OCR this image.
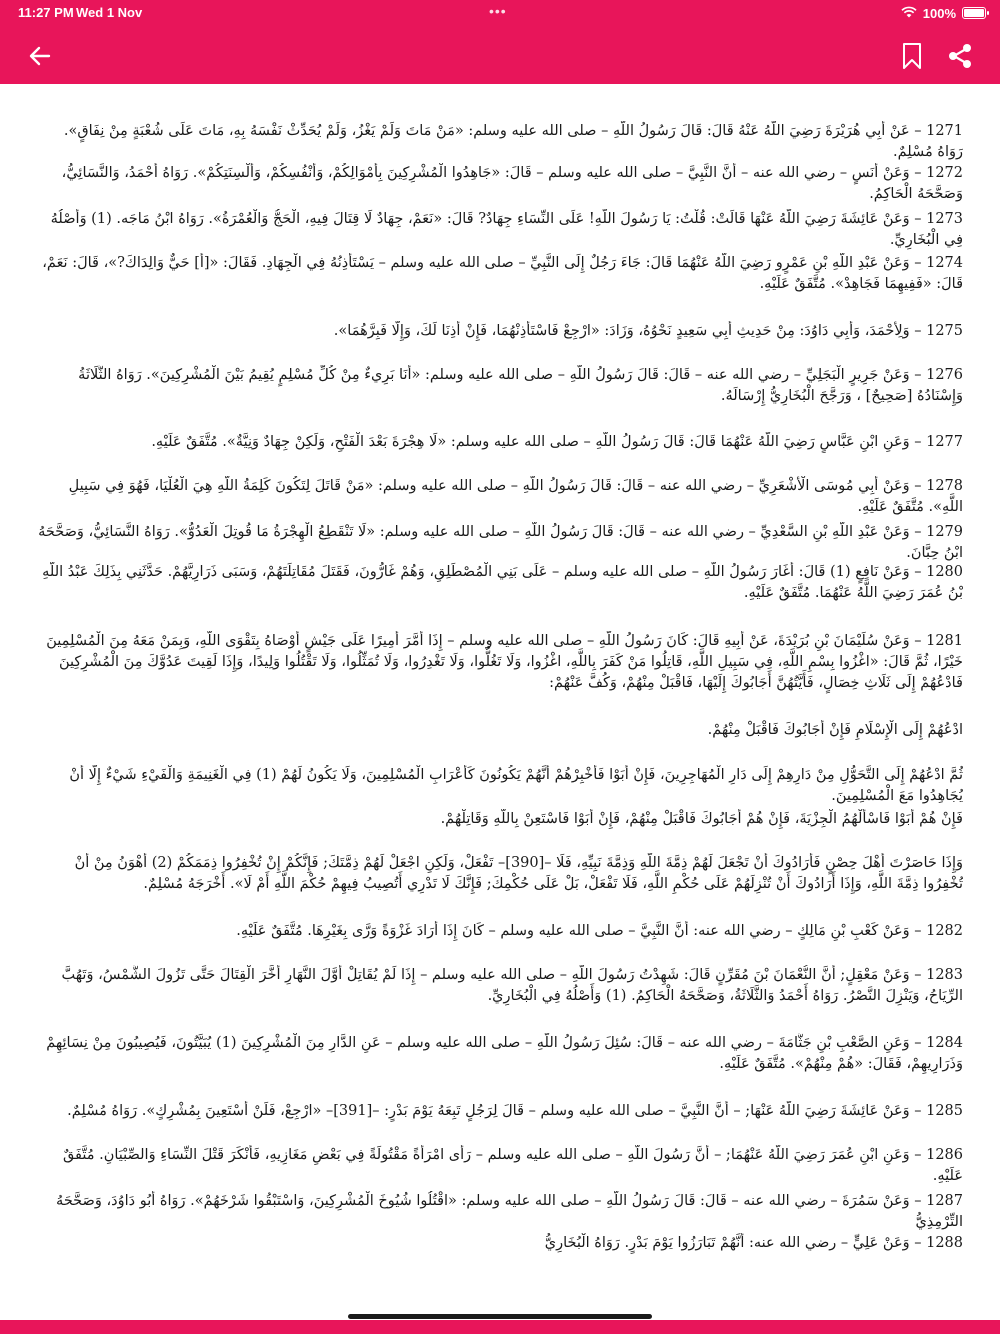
11:27 PM Wed 1 Nov	•••	100%

1271 – عَنْ أَبِي هُرَيْرَةَ رَضِيَ اللَّهُ عَنْهُ قَالَ: قَالَ رَسُولُ اللَّهِ – صلى الله عليه وسلم: «مَنْ مَاتَ وَلَمْ يَغْزُ، وَلَمْ يُحَدِّثْ نَفْسَهُ بِهِ، مَاتَ عَلَى شُعْبَةٍ مِنْ نِفَاقٍ». رَوَاهُ مُسْلِمٌ.

1272 – وَعَنْ أَنَسٍ – رضي الله عنه – أَنَّ النَّبِيَّ – صلى الله عليه وسلم – قَالَ: «جَاهِدُوا الْمُشْرِكِينَ بِأَمْوَالِكُمْ، وَأَنْفُسِكُمْ، وَأَلْسِنَتِكُمْ». رَوَاهُ أَحْمَدُ، وَالنَّسَائِيُّ، وَصَحَّحَهُ الْحَاكِمُ.

1273 – وَعَنْ عَائِشَةَ رَضِيَ اللَّهُ عَنْهَا قَالَتْ: قُلْتُ: يَا رَسُولَ اللَّهِ! عَلَى النِّسَاءِ جِهَادٌ? قَالَ: «نَعَمْ، جِهَادٌ لَا قِتَالَ فِيهِ، الْحَجُّ وَالْعُمْرَةُ». رَوَاهُ ابْنُ مَاجَه. (1) وَأَصْلُهُ فِي الْبُخَارِيِّ.

1274 – وَعَنْ عَبْدِ اللَّهِ بْنِ عَمْرٍو رَضِيَ اللَّهُ عَنْهُمَا قَالَ: جَاءَ رَجُلٌ إِلَى النَّبِيِّ – صلى الله عليه وسلم – يَسْتَأْذِنُهُ فِي الْجِهَادِ. فَقَالَ: «[أَ] حَيٌّ وَالِدَاكَ?»، قَالَ: نَعَمْ، قَالَ: «فَفِيهِمَا فَجَاهِدْ». مُتَّفَقٌ عَلَيْهِ.

1275 – وَلِأَحْمَدَ، وَأَبِي دَاوُدَ: مِنْ حَدِيثِ أَبِي سَعِيدٍ نَحْوُهُ، وَزَادَ: «ارْجِعْ فَاسْتَأْذِنْهُمَا، فَإِنْ أَذِنَا لَكَ، وَإِلَّا فَبِرَّهُمَا».

1276 – وَعَنْ جَرِيرٍ الْبَجَلِيِّ – رضي الله عنه – قَالَ: قَالَ رَسُولُ اللَّهِ – صلى الله عليه وسلم: «أَنَا بَرِيءٌ مِنْ كُلِّ مُسْلِمٍ يُقِيمُ بَيْنَ الْمُشْرِكِينَ». رَوَاهُ الثَّلَاثَةُ وَإِسْنَادُهُ [صَحِيحٌ] ، وَرَجَّحَ الْبُخَارِيُّ إِرْسَالَهُ.

1277 – وَعَنِ ابْنِ عَبَّاسٍ رَضِيَ اللَّهُ عَنْهُمَا قَالَ: قَالَ رَسُولُ اللَّهِ – صلى الله عليه وسلم: «لَا هِجْرَةَ بَعْدَ الْفَتْحِ، وَلَكِنْ جِهَادٌ وَنِيَّةٌ». مُتَّفَقٌ عَلَيْهِ.

1278 – وَعَنْ أَبِي مُوسَى الْأَشْعَرِيِّ – رضي الله عنه – قَالَ: قَالَ رَسُولُ اللَّهِ – صلى الله عليه وسلم: «مَنْ قَاتَلَ لِتَكُونَ كَلِمَةُ اللَّهِ هِيَ الْعُلْيَا، فَهُوَ فِي سَبِيلِ اللَّهِ». مُتَّفَقٌ عَلَيْهِ.

1279 – وَعَنْ عَبْدِ اللَّهِ بْنِ السَّعْدِيِّ – رضي الله عنه – قَالَ: قَالَ رَسُولُ اللَّهِ – صلى الله عليه وسلم: «لَا تَنْقَطِعُ الْهِجْرَةُ مَا قُوتِلَ الْعَدُوُّ». رَوَاهُ النَّسَائِيُّ، وَصَحَّحَهُ ابْنُ حِبَّانَ.

1280 – وَعَنْ نَافِعٍ (1) قَالَ: أَغَارَ رَسُولُ اللَّهِ – صلى الله عليه وسلم – عَلَى بَنِي الْمُصْطَلِقِ، وَهُمْ غَارُّونَ، فَقَتَلَ مُقَاتِلَتَهُمْ، وَسَبَى ذَرَارِيَّهُمْ. حَدَّثَنِي بِذَلِكَ عَبْدُ اللَّهِ بْنُ عُمَرَ رَضِيَ اللَّهُ عَنْهُمَا. مُتَّفَقٌ عَلَيْهِ.

1281 – وَعَنْ سُلَيْمَانَ بْنِ بُرَيْدَةَ، عَنْ أَبِيهِ قَالَ: كَانَ رَسُولُ اللَّهِ – صلى الله عليه وسلم – إِذَا أَمَّرَ أَمِيرًا عَلَى جَيْشٍ أَوْصَاهُ بِتَقْوَى اللَّهِ، وَبِمَنْ مَعَهُ مِنَ الْمُسْلِمِينَ خَيْرًا، ثُمَّ قَالَ: «اغْزُوا بِسْمِ اللَّهِ، فِي سَبِيلِ اللَّهِ، قَاتِلُوا مَنْ كَفَرَ بِاللَّهِ، اغْزُوا، وَلَا تَغُلُّوا، وَلَا تَغْدِرُوا، وَلَا تُمَثِّلُوا، وَلَا تَقْتُلُوا وَلِيدًا، وَإِذَا لَقِيتَ عَدُوَّكَ مِنَ الْمُشْرِكِينَ فَادْعُهُمْ إِلَى ثَلَاثِ خِصَالٍ، فَأَيَّتُهُنَّ أَجَابُوكَ إِلَيْهَا، فَاقْبَلْ مِنْهُمْ، وَكُفَّ عَنْهُمْ:

ادْعُهُمْ إِلَى الْإِسْلَامِ فَإِنْ أَجَابُوكَ فَاقْبَلْ مِنْهُمْ.

ثُمَّ ادْعُهُمْ إِلَى التَّحَوُّلِ مِنْ دَارِهِمْ إِلَى دَارِ الْمُهَاجِرِينَ، فَإِنْ أَبَوْا فَأَخْبِرْهُمْ أَنَّهُمْ يَكُونُونَ كَأَعْرَابِ الْمُسْلِمِينَ، وَلَا يَكُونُ لَهُمْ (1) فِي الْغَنِيمَةِ وَالْفَيْءِ شَيْءٌ إِلَّا أَنْ يُجَاهِدُوا مَعَ الْمُسْلِمِينَ.

فَإِنْ هُمْ أَبَوْا فَاسْأَلْهُمُ الْجِزْيَةَ، فَإِنْ هُمْ أَجَابُوكَ فَاقْبَلْ مِنْهُمْ، فَإِنْ أَبَوْا فَاسْتَعِنْ بِاللَّهِ وَقَاتِلْهُمْ.

وَإِذَا حَاصَرْتَ أَهْلَ حِصْنٍ فَأَرَادُوكَ أَنْ تَجْعَلَ لَهُمْ ذِمَّةَ اللَّهِ وَذِمَّةَ نَبِيِّهِ، فَلَا –[390]– تَفْعَلْ، وَلَكِنِ اجْعَلْ لَهُمْ ذِمَّتَكَ; فَإِنَّكُمْ إِنْ تُخْفِرُوا ذِمَمَكُمْ (2) أَهْوَنُ مِنْ أَنْ تُخْفِرُوا ذِمَّةَ اللَّهِ، وَإِذَا أَرَادُوكَ أَنْ تُنْزِلَهُمْ عَلَى حُكْمِ اللَّهِ، فَلَا تَفْعَلْ، بَلْ عَلَى حُكْمِكَ; فَإِنَّكَ لَا تَدْرِي أَتُصِيبُ فِيهِمْ حُكْمَ اللَّهِ أَمْ لَا». أَخْرَجَهُ مُسْلِمٌ.

1282 – وَعَنْ كَعْبِ بْنِ مَالِكٍ – رضي الله عنه: أَنَّ النَّبِيَّ – صلى الله عليه وسلم – كَانَ إِذَا أَرَادَ غَزْوَةً وَرَّى بِغَيْرِهَا. مُتَّفَقٌ عَلَيْهِ.

1283 – وَعَنْ مَعْقِلٍ; أَنَّ النُّعْمَانَ بْنَ مُقَرِّنٍ قَالَ: شَهِدْتُ رَسُولَ اللَّهِ – صلى الله عليه وسلم – إِذَا لَمْ يُقَاتِلْ أَوَّلَ النَّهَارِ أَخَّرَ الْقِتَالَ حَتَّى تَزُولَ الشَّمْسُ، وَتَهُبَّ الرِّيَاحُ، وَيَنْزِلَ النَّصْرُ. رَوَاهُ أَحْمَدُ وَالثَّلَاثَةُ، وَصَحَّحَهُ الْحَاكِمُ. (1) وَأَصْلُهُ فِي الْبُخَارِيِّ.

1284 – وَعَنِ الصَّعْبِ بْنِ جَثَّامَةَ – رضي الله عنه – قَالَ: سُئِلَ رَسُولُ اللَّهِ – صلى الله عليه وسلم – عَنِ الدَّارِ مِنَ الْمُشْرِكِينَ (1) يُبَيَّتُونَ، فَيُصِيبُونَ مِنْ نِسَائِهِمْ وَذَرَارِيهِمْ، فَقَالَ: «هُمْ مِنْهُمْ». مُتَّفَقٌ عَلَيْهِ.

1285 – وَعَنْ عَائِشَةَ رَضِيَ اللَّهُ عَنْهَا; – أَنَّ النَّبِيَّ – صلى الله عليه وسلم – قَالَ لِرَجُلٍ تَبِعَهُ يَوْمَ بَدْرٍ: –[391]– «ارْجِعْ، فَلَنْ أَسْتَعِينَ بِمُشْرِكٍ». رَوَاهُ مُسْلِمٌ.

1286 – وَعَنِ ابْنِ عُمَرَ رَضِيَ اللَّهُ عَنْهُمَا; – أَنَّ رَسُولَ اللَّهِ – صلى الله عليه وسلم – رَأَى امْرَأَةً مَقْتُولَةً فِي بَعْضِ مَغَازِيهِ، فَأَنْكَرَ قَتْلَ النِّسَاءِ وَالصِّبْيَانِ. مُتَّفَقٌ عَلَيْهِ.

1287 – وَعَنْ سَمُرَةَ – رضي الله عنه – قَالَ: قَالَ رَسُولُ اللَّهِ – صلى الله عليه وسلم: «اقْتُلُوا شُيُوخَ الْمُشْرِكِينَ، وَاسْتَبْقُوا شَرْخَهُمْ». رَوَاهُ أَبُو دَاوُدَ، وَصَحَّحَهُ التِّرْمِذِيُّ

1288 – وَعَنْ عَلِيٍّ – رضي الله عنه: أَنَّهُمْ تَبَارَزُوا يَوْمَ بَدْرٍ. رَوَاهُ الْبُخَارِيُّ
